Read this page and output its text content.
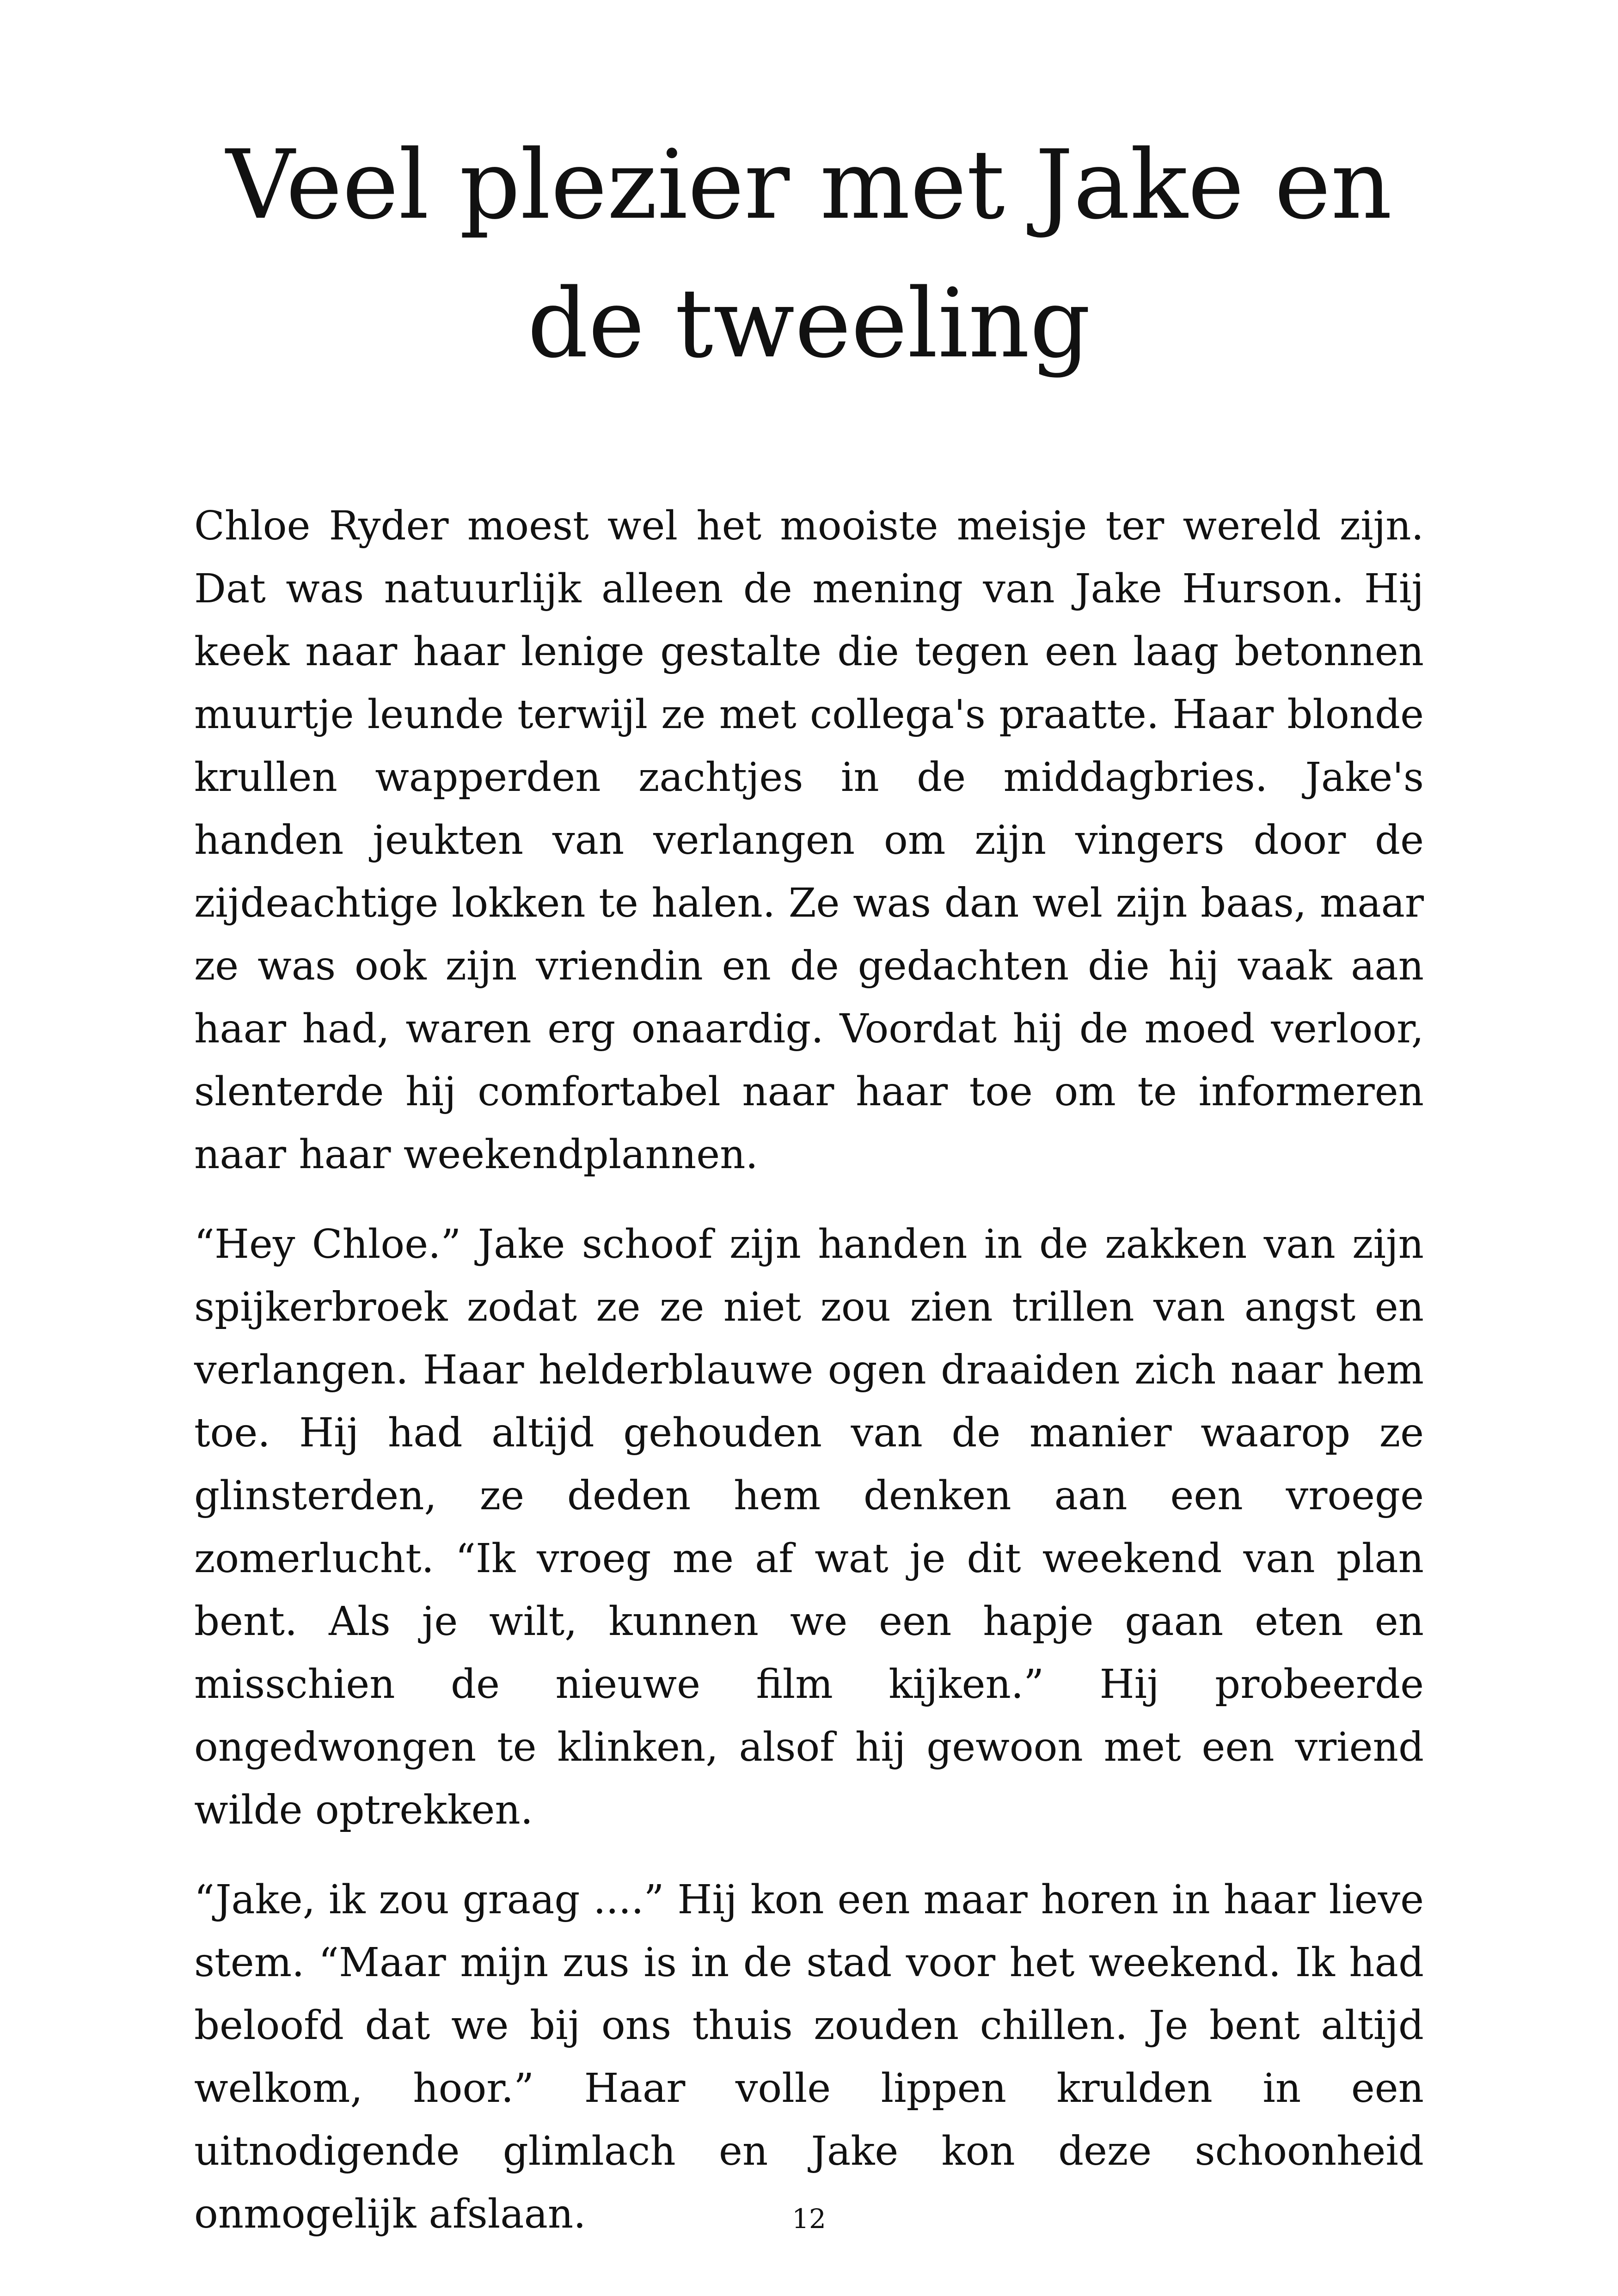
Veel plezier met Jake en de tweeling

Chloe Ryder moest wel het mooiste meisje ter wereld zijn. Dat was natuurlijk alleen de mening van Jake Hurson. Hij keek naar haar lenige gestalte die tegen een laag betonnen muurtje leunde terwijl ze met collega's praatte. Haar blonde krullen wapperden zachtjes in de middagbries. Jake's handen jeukten van verlangen om zijn vingers door de zijdeachtige lokken te halen. Ze was dan wel zijn baas, maar ze was ook zijn vriendin en de gedachten die hij vaak aan haar had, waren erg onaardig. Voordat hij de moed verloor, slenterde hij comfortabel naar haar toe om te informeren naar haar weekendplannen.

“Hey Chloe.” Jake schoof zijn handen in de zakken van zijn spijkerbroek zodat ze ze niet zou zien trillen van angst en verlangen. Haar helderblauwe ogen draaiden zich naar hem toe. Hij had altijd gehouden van de manier waarop ze glinsterden, ze deden hem denken aan een vroege zomerlucht. “Ik vroeg me af wat je dit weekend van plan bent. Als je wilt, kunnen we een hapje gaan eten en misschien de nieuwe film kijken.” Hij probeerde ongedwongen te klinken, alsof hij gewoon met een vriend wilde optrekken.

“Jake, ik zou graag ....” Hij kon een maar horen in haar lieve stem. “Maar mijn zus is in de stad voor het weekend. Ik had beloofd dat we bij ons thuis zouden chillen. Je bent altijd welkom, hoor.” Haar volle lippen krulden in een uitnodigende glimlach en Jake kon deze schoonheid onmogelijk afslaan.	12
